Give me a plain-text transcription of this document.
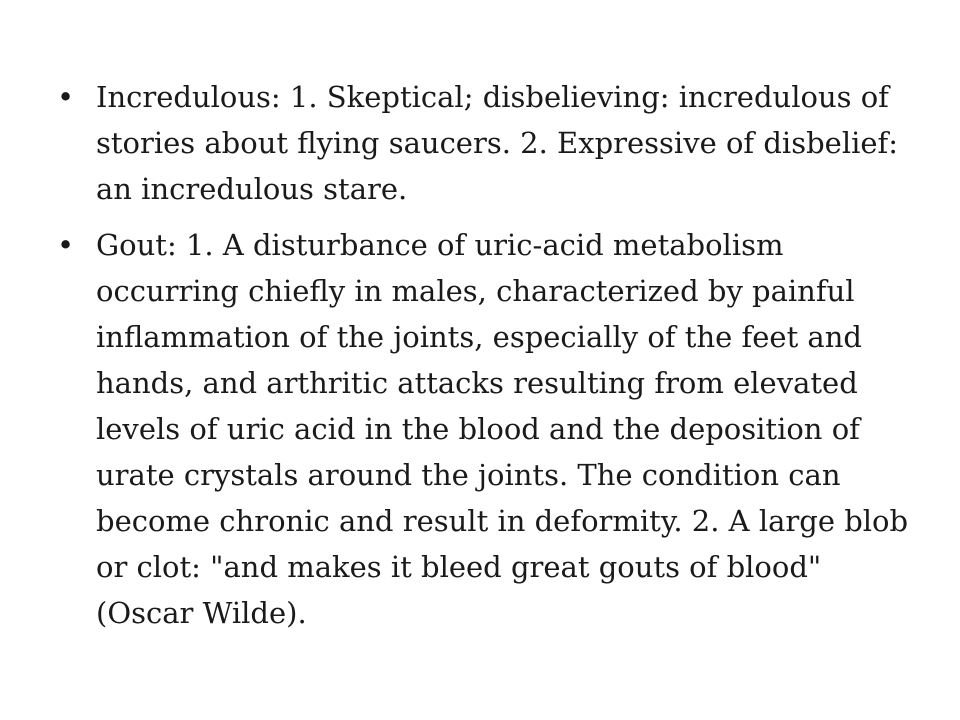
• Incredulous: 1. Skeptical; disbelieving: incredulous of stories about flying saucers. 2. Expressive of disbelief: an incredulous stare.
• Gout: 1. A disturbance of uric-acid metabolism occurring chiefly in males, characterized by painful inflammation of the joints, especially of the feet and hands, and arthritic attacks resulting from elevated levels of uric acid in the blood and the deposition of urate crystals around the joints. The condition can become chronic and result in deformity. 2. A large blob or clot: "and makes it bleed great gouts of blood" (Oscar Wilde).
